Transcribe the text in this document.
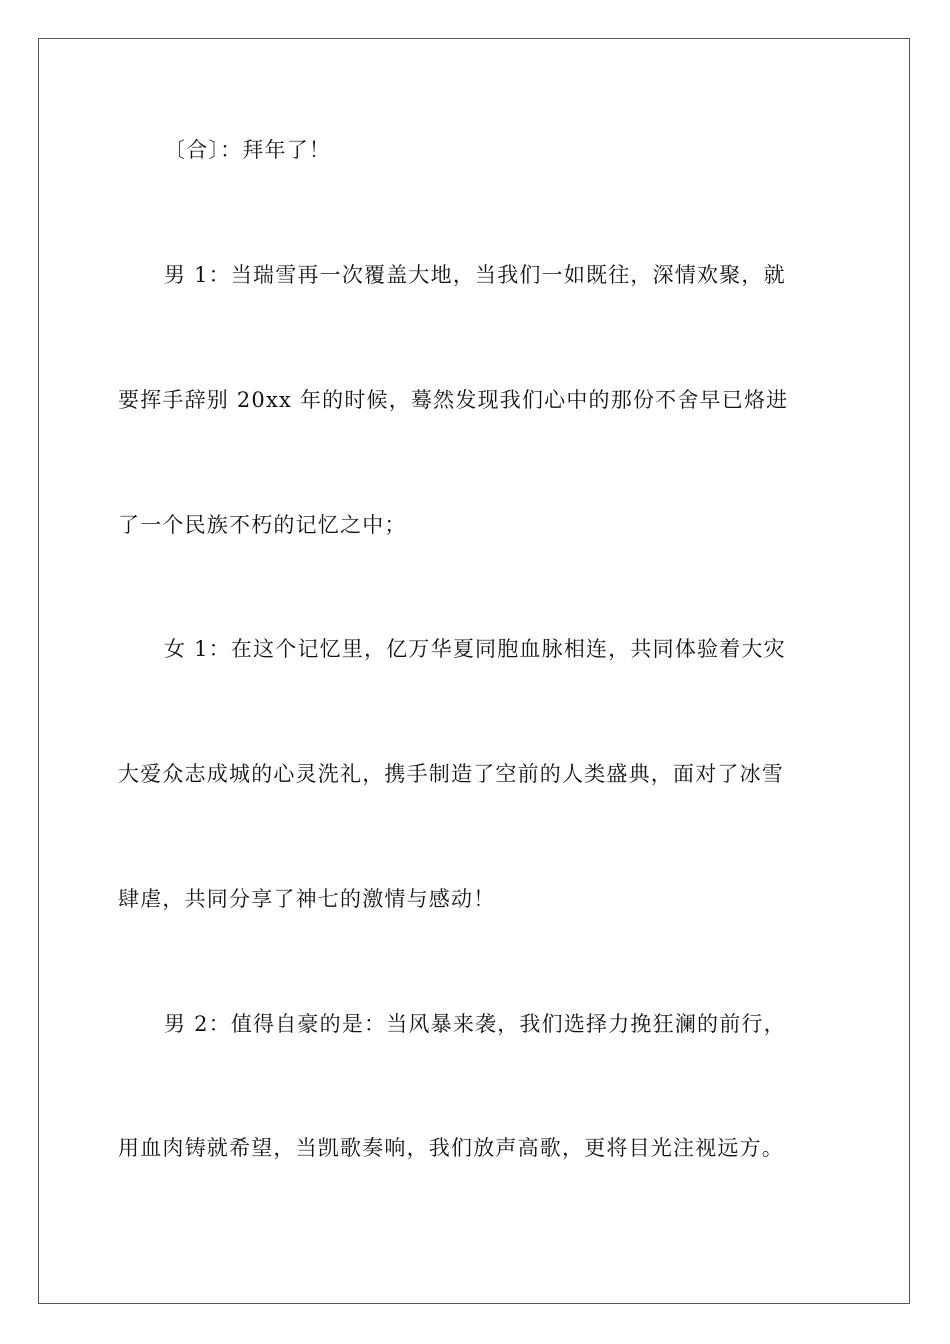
〔合〕：拜年了！
男 1：当瑞雪再一次覆盖大地，当我们一如既往，深情欢聚，就
要挥手辞别 20xx 年的时候，蓦然发现我们心中的那份不舍早已烙进
了一个民族不朽的记忆之中；
女 1：在这个记忆里，亿万华夏同胞血脉相连，共同体验着大灾
大爱众志成城的心灵洗礼，携手制造了空前的人类盛典，面对了冰雪
肆虐，共同分享了神七的激情与感动！
男 2：值得自豪的是：当风暴来袭，我们选择力挽狂澜的前行，
用血肉铸就希望，当凯歌奏响，我们放声高歌，更将目光注视远方。
